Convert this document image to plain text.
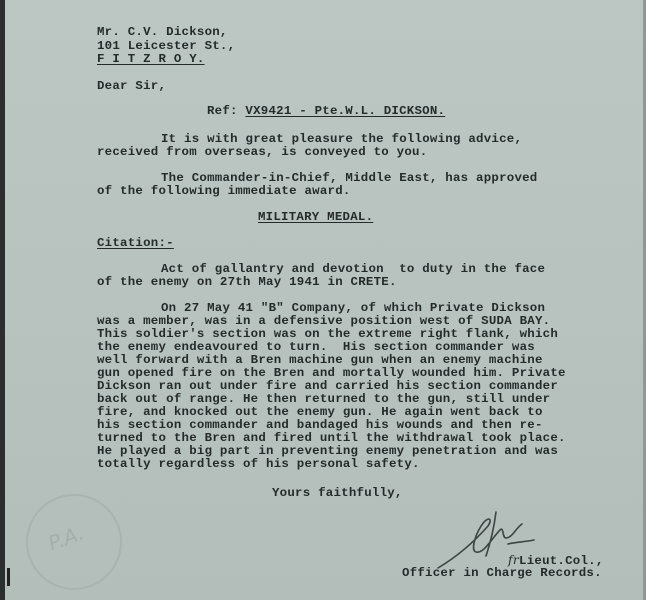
Mr. C.V. Dickson,
101 Leicester St.,
F I T Z R O Y.
Dear Sir,
Ref: VX9421 - Pte.W.L. DICKSON.
It is with great pleasure the following advice,
received from overseas, is conveyed to you.
The Commander-in-Chief, Middle East, has approved
of the following immediate award.
MILITARY MEDAL.
Citation:-
Act of gallantry and devotion  to duty in the face
of the enemy on 27th May 1941 in CRETE.
On 27 May 41 "B" Company, of which Private Dickson
was a member, was in a defensive position west of SUDA BAY.
This soldier's section was on the extreme right flank, which
the enemy endeavoured to turn.  His section commander was
well forward with a Bren machine gun when an enemy machine
gun opened fire on the Bren and mortally wounded him. Private
Dickson ran out under fire and carried his section commander
back out of range. He then returned to the gun, still under
fire, and knocked out the enemy gun. He again went back to
his section commander and bandaged his wounds and then re-
turned to the Bren and fired until the withdrawal took place.
He played a big part in preventing enemy penetration and was
totally regardless of his personal safety.
Yours faithfully,
P.A.
frLieut.Col.,
Officer in Charge Records.
